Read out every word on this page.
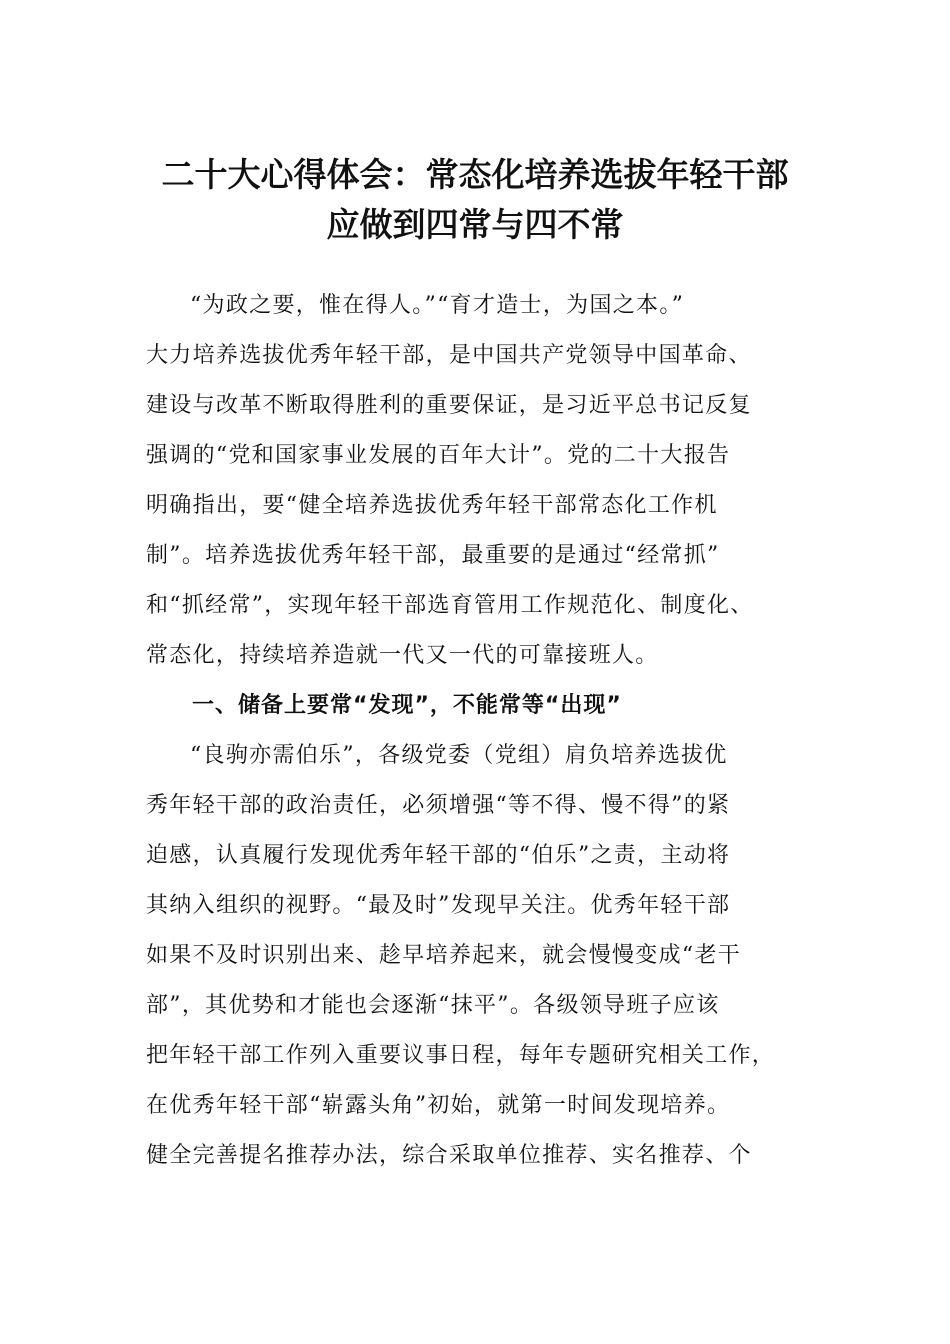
二十大心得体会：常态化培养选拔年轻干部
应做到四常与四不常
“为政之要，惟在得人。”“育才造士，为国之本。”
大力培养选拔优秀年轻干部，是中国共产党领导中国革命、
建设与改革不断取得胜利的重要保证，是习近平总书记反复
强调的“党和国家事业发展的百年大计”。党的二十大报告
明确指出，要“健全培养选拔优秀年轻干部常态化工作机
制”。培养选拔优秀年轻干部，最重要的是通过“经常抓”
和“抓经常”，实现年轻干部选育管用工作规范化、制度化、
常态化，持续培养造就一代又一代的可靠接班人。
一、储备上要常“发现”，不能常等“出现”
“良驹亦需伯乐”，各级党委（党组）肩负培养选拔优
秀年轻干部的政治责任，必须增强“等不得、慢不得”的紧
迫感，认真履行发现优秀年轻干部的“伯乐”之责，主动将
其纳入组织的视野。“最及时”发现早关注。优秀年轻干部
如果不及时识别出来、趁早培养起来，就会慢慢变成“老干
部”，其优势和才能也会逐渐“抹平”。各级领导班子应该
把年轻干部工作列入重要议事日程，每年专题研究相关工作，
在优秀年轻干部“崭露头角”初始，就第一时间发现培养。
健全完善提名推荐办法，综合采取单位推荐、实名推荐、个
